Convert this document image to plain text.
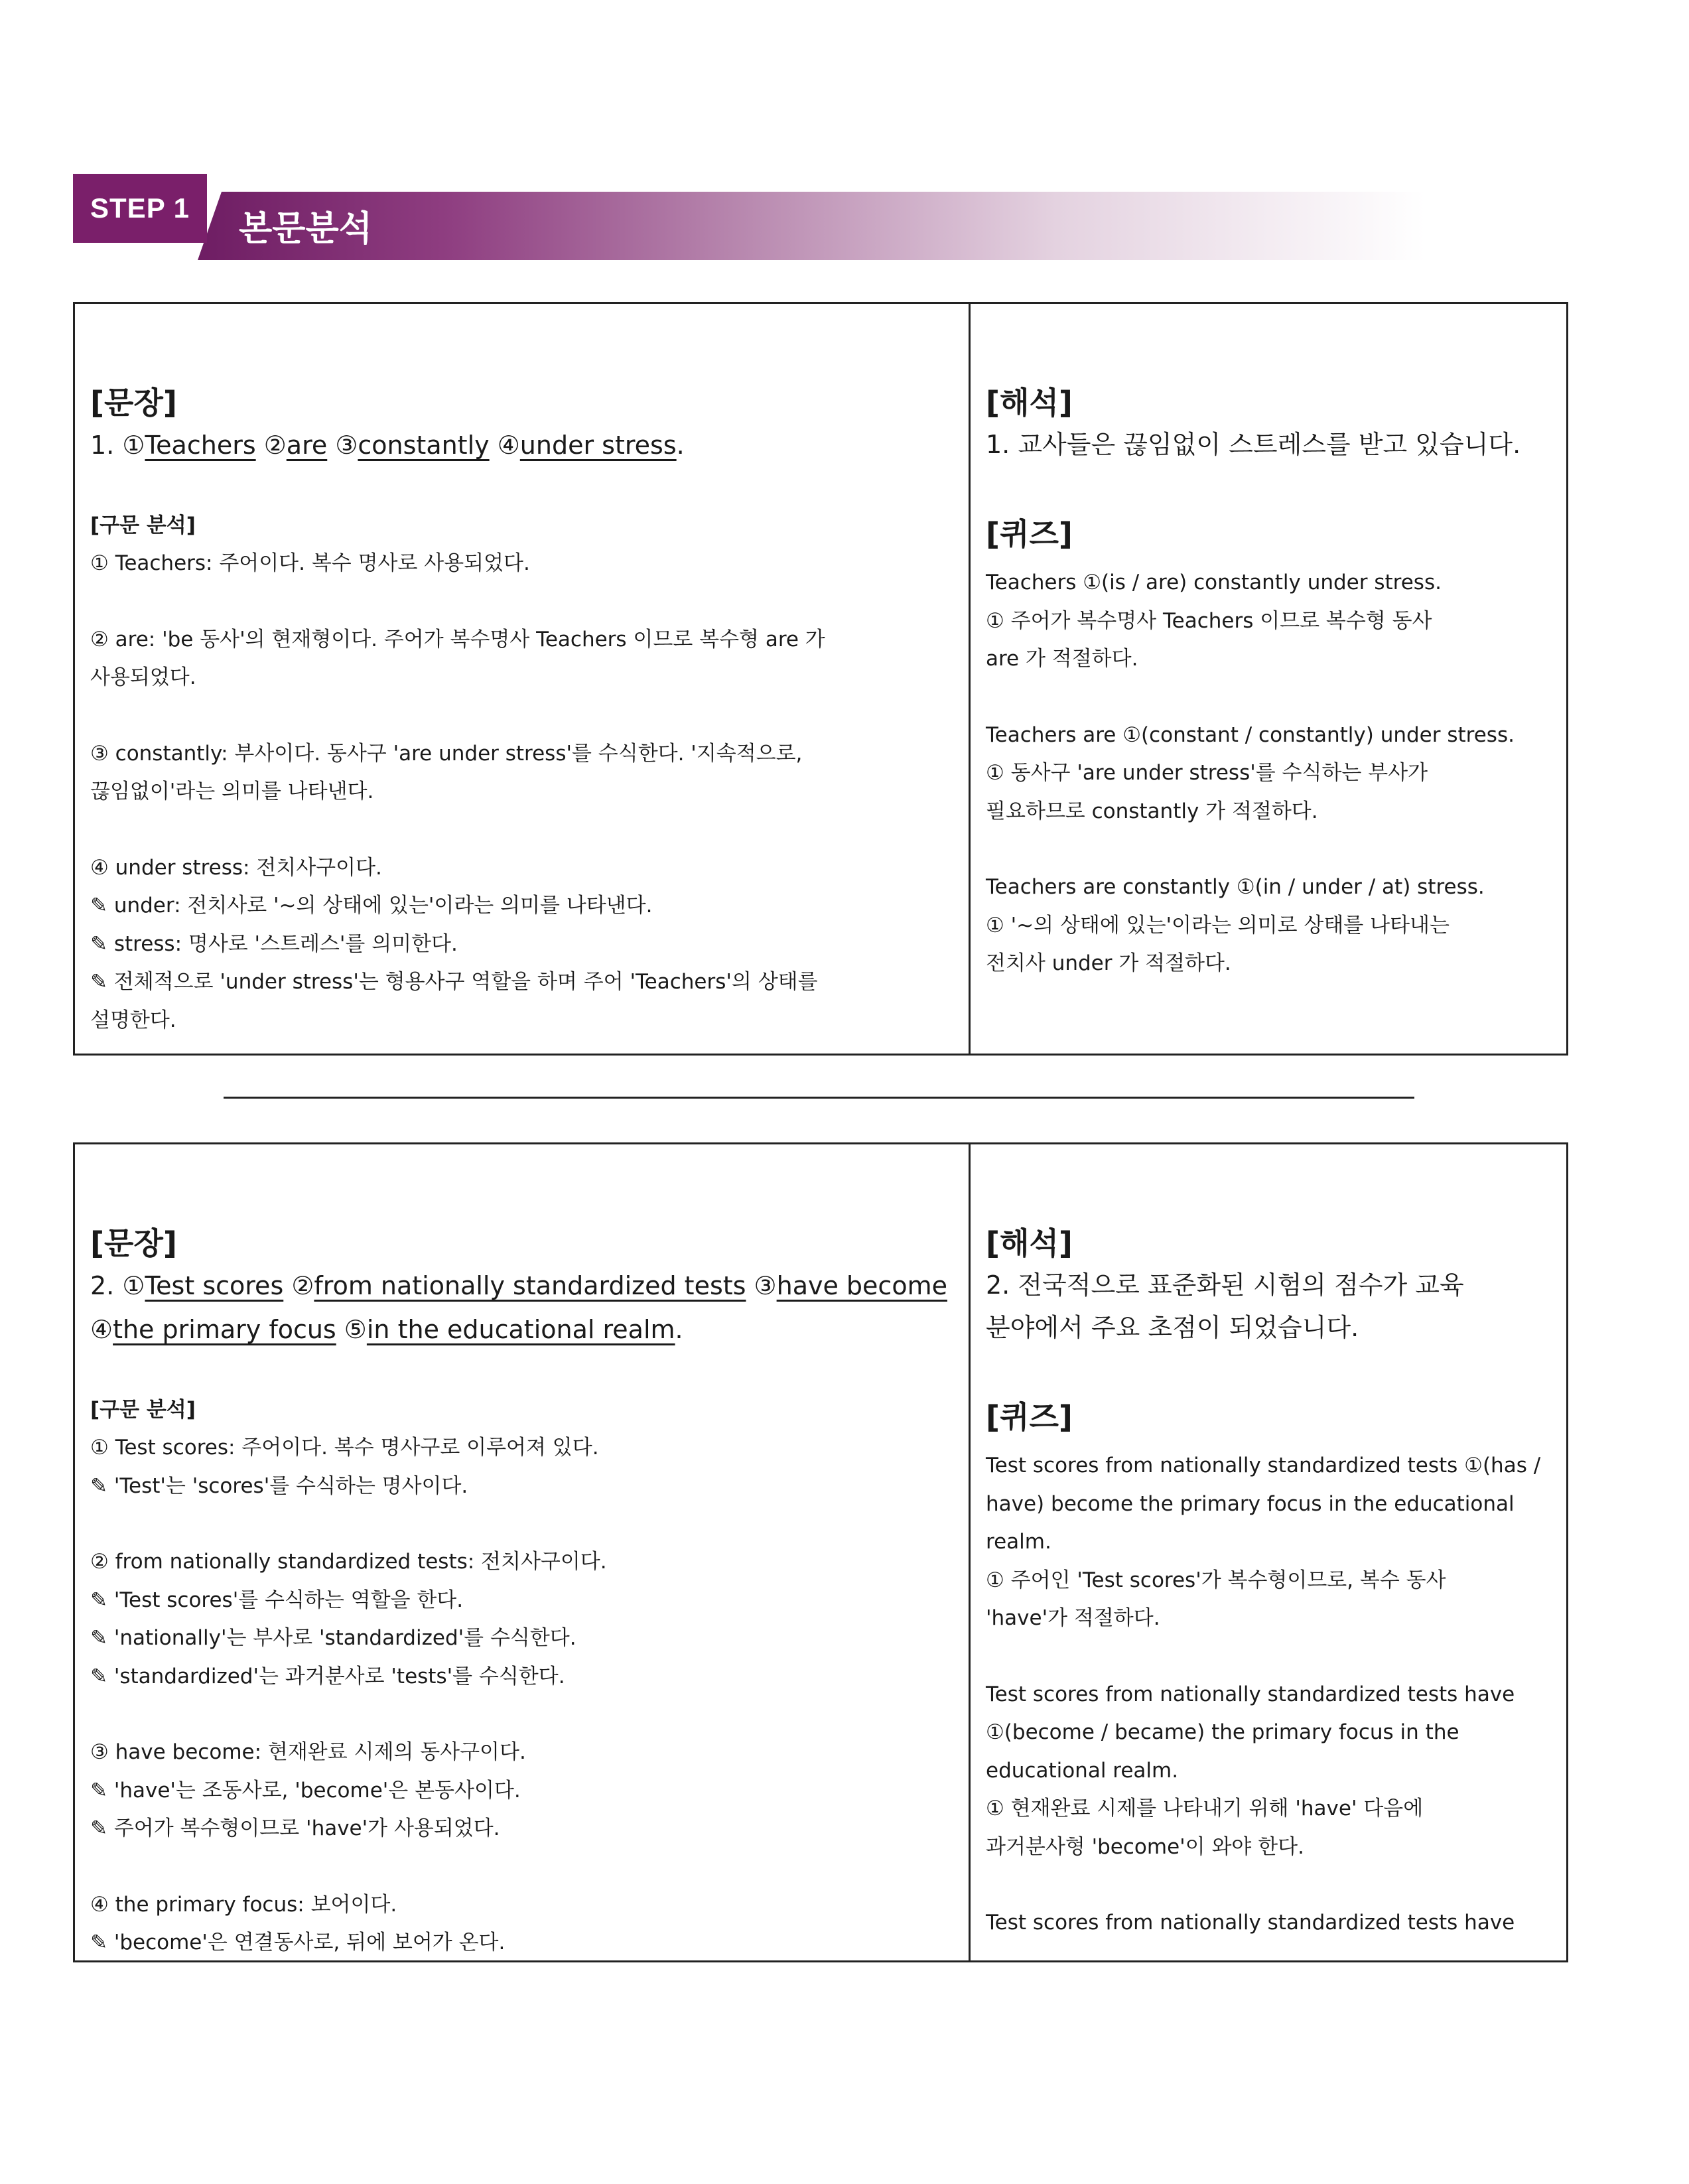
STEP 1
본문분석

[문장]

1. ①Teachers ②are ③constantly ④under stress.

[구문 분석]

① Teachers: 주어이다. 복수 명사로 사용되었다.

② are: 'be 동사'의 현재형이다. 주어가 복수명사 Teachers 이므로 복수형 are 가

사용되었다.

③ constantly: 부사이다. 동사구 'are under stress'를 수식한다. '지속적으로,

끊임없이'라는 의미를 나타낸다.

④ under stress: 전치사구이다.

✎ under: 전치사로 '~의 상태에 있는'이라는 의미를 나타낸다.

✎ stress: 명사로 '스트레스'를 의미한다.

✎ 전체적으로 'under stress'는 형용사구 역할을 하며 주어 'Teachers'의 상태를

설명한다.

[해석]

1. 교사들은 끊임없이 스트레스를 받고 있습니다.

[퀴즈]

Teachers ①(is / are) constantly under stress.

① 주어가 복수명사 Teachers 이므로 복수형 동사

are 가 적절하다.

Teachers are ①(constant / constantly) under stress.

① 동사구 'are under stress'를 수식하는 부사가

필요하므로 constantly 가 적절하다.

Teachers are constantly ①(in / under / at) stress.

① '~의 상태에 있는'이라는 의미로 상태를 나타내는

전치사 under 가 적절하다.

[문장]

2. ①Test scores ②from nationally standardized tests ③have become
④the primary focus ⑤in the educational realm.

[구문 분석]

① Test scores: 주어이다. 복수 명사구로 이루어져 있다.

✎ 'Test'는 'scores'를 수식하는 명사이다.

② from nationally standardized tests: 전치사구이다.

✎ 'Test scores'를 수식하는 역할을 한다.

✎ 'nationally'는 부사로 'standardized'를 수식한다.

✎ 'standardized'는 과거분사로 'tests'를 수식한다.

③ have become: 현재완료 시제의 동사구이다.

✎ 'have'는 조동사로, 'become'은 본동사이다.

✎ 주어가 복수형이므로 'have'가 사용되었다.

④ the primary focus: 보어이다.

✎ 'become'은 연결동사로, 뒤에 보어가 온다.

[해석]

2. 전국적으로 표준화된 시험의 점수가 교육
분야에서 주요 초점이 되었습니다.

[퀴즈]

Test scores from nationally standardized tests ①(has /

have) become the primary focus in the educational

realm.

① 주어인 'Test scores'가 복수형이므로, 복수 동사

'have'가 적절하다.

Test scores from nationally standardized tests have

①(become / became) the primary focus in the

educational realm.

① 현재완료 시제를 나타내기 위해 'have' 다음에

과거분사형 'become'이 와야 한다.

Test scores from nationally standardized tests have
